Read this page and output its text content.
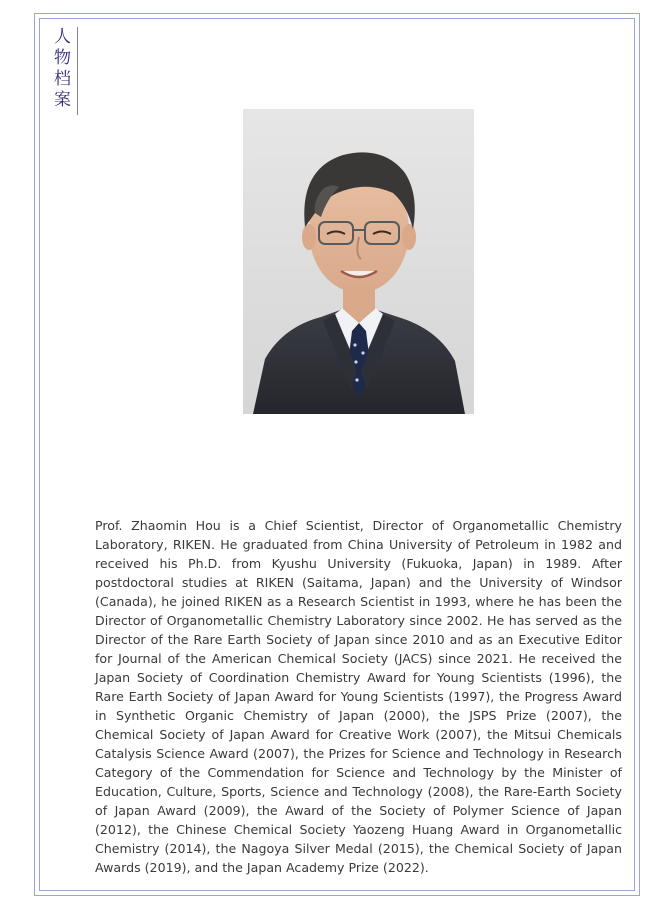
人
物
档
案

Prof. Zhaomin Hou is a Chief Scientist, Director of Organometallic Chemistry Laboratory, RIKEN. He graduated from China University of Petroleum in 1982 and received his Ph.D. from Kyushu University (Fukuoka, Japan) in 1989. After postdoctoral studies at RIKEN (Saitama, Japan) and the University of Windsor (Canada), he joined RIKEN as a Research Scientist in 1993, where he has been the Director of Organometallic Chemistry Laboratory since 2002. He has served as the Director of the Rare Earth Society of Japan since 2010 and as an Executive Editor for Journal of the American Chemical Society (JACS) since 2021. He received the Japan Society of Coordination Chemistry Award for Young Scientists (1996), the Rare Earth Society of Japan Award for Young Scientists (1997), the Progress Award in Synthetic Organic Chemistry of Japan (2000), the JSPS Prize (2007), the Chemical Society of Japan Award for Creative Work (2007), the Mitsui Chemicals Catalysis Science Award (2007), the Prizes for Science and Technology in Research Category of the Commendation for Science and Technology by the Minister of Education, Culture, Sports, Science and Technology (2008), the Rare-Earth Society of Japan Award (2009), the Award of the Society of Polymer Science of Japan (2012), the Chinese Chemical Society Yaozeng Huang Award in Organometallic Chemistry (2014), the Nagoya Silver Medal (2015), the Chemical Society of Japan Awards (2019), and the Japan Academy Prize (2022).
